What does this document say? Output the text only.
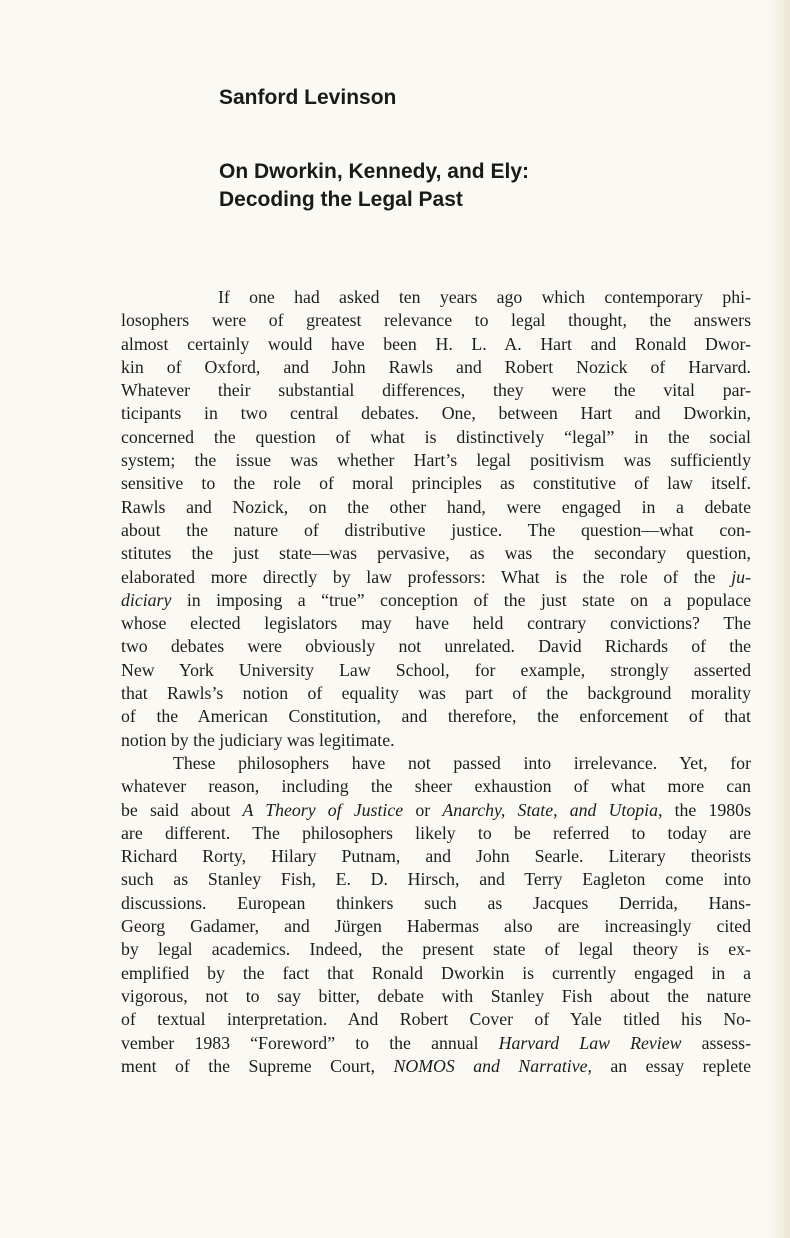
Sanford Levinson
On Dworkin, Kennedy, and Ely:
Decoding the Legal Past
If one had asked ten years ago which contemporary phi-
losophers were of greatest relevance to legal thought, the answers
almost certainly would have been H. L. A. Hart and Ronald Dwor-
kin of Oxford, and John Rawls and Robert Nozick of Harvard.
Whatever their substantial differences, they were the vital par-
ticipants in two central debates. One, between Hart and Dworkin,
concerned the question of what is distinctively “legal” in the social
system; the issue was whether Hart’s legal positivism was sufficiently
sensitive to the role of moral principles as constitutive of law itself.
Rawls and Nozick, on the other hand, were engaged in a debate
about the nature of distributive justice. The question—what con-
stitutes the just state—was pervasive, as was the secondary question,
elaborated more directly by law professors: What is the role of the ju-
diciary in imposing a “true” conception of the just state on a populace
whose elected legislators may have held contrary convictions? The
two debates were obviously not unrelated. David Richards of the
New York University Law School, for example, strongly asserted
that Rawls’s notion of equality was part of the background morality
of the American Constitution, and therefore, the enforcement of that
notion by the judiciary was legitimate.
These philosophers have not passed into irrelevance. Yet, for
whatever reason, including the sheer exhaustion of what more can
be said about A Theory of Justice or Anarchy, State, and Utopia, the 1980s
are different. The philosophers likely to be referred to today are
Richard Rorty, Hilary Putnam, and John Searle. Literary theorists
such as Stanley Fish, E. D. Hirsch, and Terry Eagleton come into
discussions. European thinkers such as Jacques Derrida, Hans-
Georg Gadamer, and Jürgen Habermas also are increasingly cited
by legal academics. Indeed, the present state of legal theory is ex-
emplified by the fact that Ronald Dworkin is currently engaged in a
vigorous, not to say bitter, debate with Stanley Fish about the nature
of textual interpretation. And Robert Cover of Yale titled his No-
vember 1983 “Foreword” to the annual Harvard Law Review assess-
ment of the Supreme Court, NOMOS and Narrative, an essay replete
